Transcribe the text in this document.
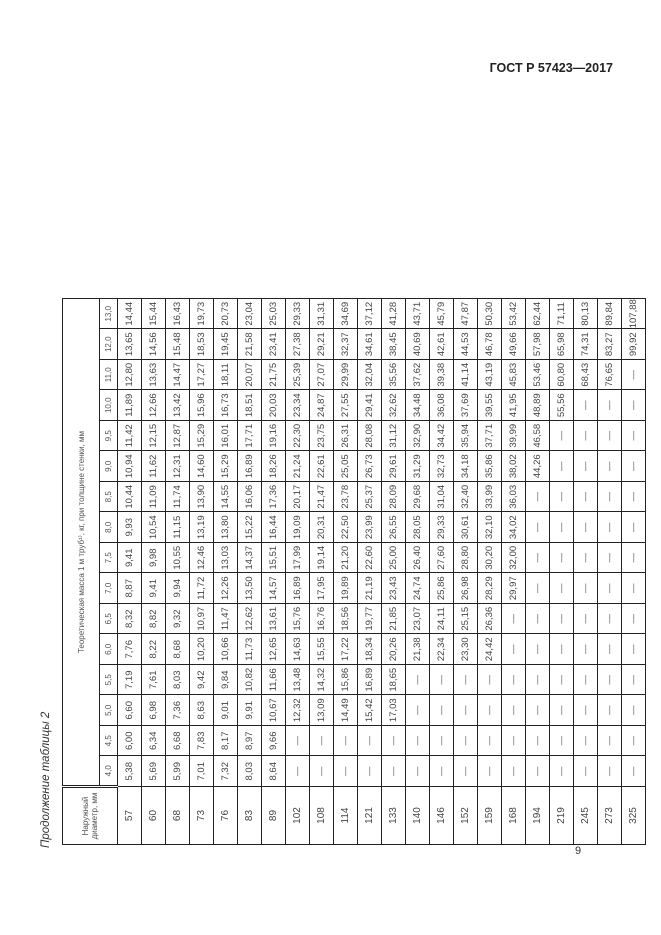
ГОСТ Р 57423—2017
Продолжение таблицы 2	Наружный диаметр, мм	Теоретическая масса 1 м труб¹⁾, кг, при толщине стенки, мм															
	4,0	4,5	5,0	5,5	6,0	6,5	7,0	7,5	8,0	8,5	9,0	9,5	10,0	11,0	12,0	13,0
57	5,38	6,00	6,60	7,19	7,76	8,32	8,87	9,41	9,93	10,44	10,94	11,42	11,89	12,80	13,65	14,44
60	5,69	6,34	6,98	7,61	8,22	8,82	9,41	9,98	10,54	11,09	11,62	12,15	12,66	13,63	14,56	15,44
68	5,99	6,68	7,36	8,03	8,68	9,32	9,94	10,55	11,15	11,74	12,31	12,87	13,42	14,47	15,48	16,43
73	7,01	7,83	8,63	9,42	10,20	10,97	11,72	12,46	13,19	13,90	14,60	15,29	15,96	17,27	18,53	19,73
76	7,32	8,17	9,01	9,84	10,66	11,47	12,26	13,03	13,80	14,55	15,29	16,01	16,73	18,11	19,45	20,73
83	8,03	8,97	9,91	10,82	11,73	12,62	13,50	14,37	15,22	16,06	16,89	17,71	18,51	20,07	21,58	23,04
89	8,64	9,66	10,67	11,66	12,65	13,61	14,57	15,51	16,44	17,36	18,26	19,16	20,03	21,75	23,41	25,03
102	—	—	12,32	13,48	14,63	15,76	16,89	17,99	19,09	20,17	21,24	22,30	23,34	25,39	27,38	29,33
108	—	—	13,09	14,32	15,55	16,76	17,95	19,14	20,31	21,47	22,61	23,75	24,87	27,07	29,21	31,31
114	—	—	14,49	15,86	17,22	18,56	19,89	21,20	22,50	23,78	25,05	26,31	27,55	29,99	32,37	34,69
121	—	—	15,42	16,89	18,34	19,77	21,19	22,60	23,99	25,37	26,73	28,08	29,41	32,04	34,61	37,12
133	—	—	17,03	18,65	20,26	21,85	23,43	25,00	26,55	28,09	29,61	31,12	32,62	35,56	38,45	41,28
140	—	—	—	—	21,38	23,07	24,74	26,40	28,05	29,68	31,29	32,90	34,48	37,62	40,69	43,71
146	—	—	—	—	22,34	24,11	25,86	27,60	29,33	31,04	32,73	34,42	36,08	39,38	42,61	45,79
152	—	—	—	—	23,30	25,15	26,98	28,80	30,61	32,40	34,18	35,94	37,69	41,14	44,53	47,87
159	—	—	—	—	24,42	26,36	28,29	30,20	32,10	33,99	35,86	37,71	39,55	43,19	46,78	50,30
168	—	—	—	—	—	—	29,97	32,00	34,02	36,03	38,02	39,99	41,95	45,83	49,66	53,42
194	—	—	—	—	—	—	—	—	—	—	44,26	46,58	48,89	53,46	57,98	62,44
219	—	—	—	—	—	—	—	—	—	—	—	—	55,56	60,80	65,98	71,11
245	—	—	—	—	—	—	—	—	—	—	—	—	—	68,43	74,31	80,13
273	—	—	—	—	—	—	—	—	—	—	—	—	—	76,65	83,27	89,84
325	—	—	—	—	—	—	—	—	—	—	—	—	—	—	99,92	107,88
9
